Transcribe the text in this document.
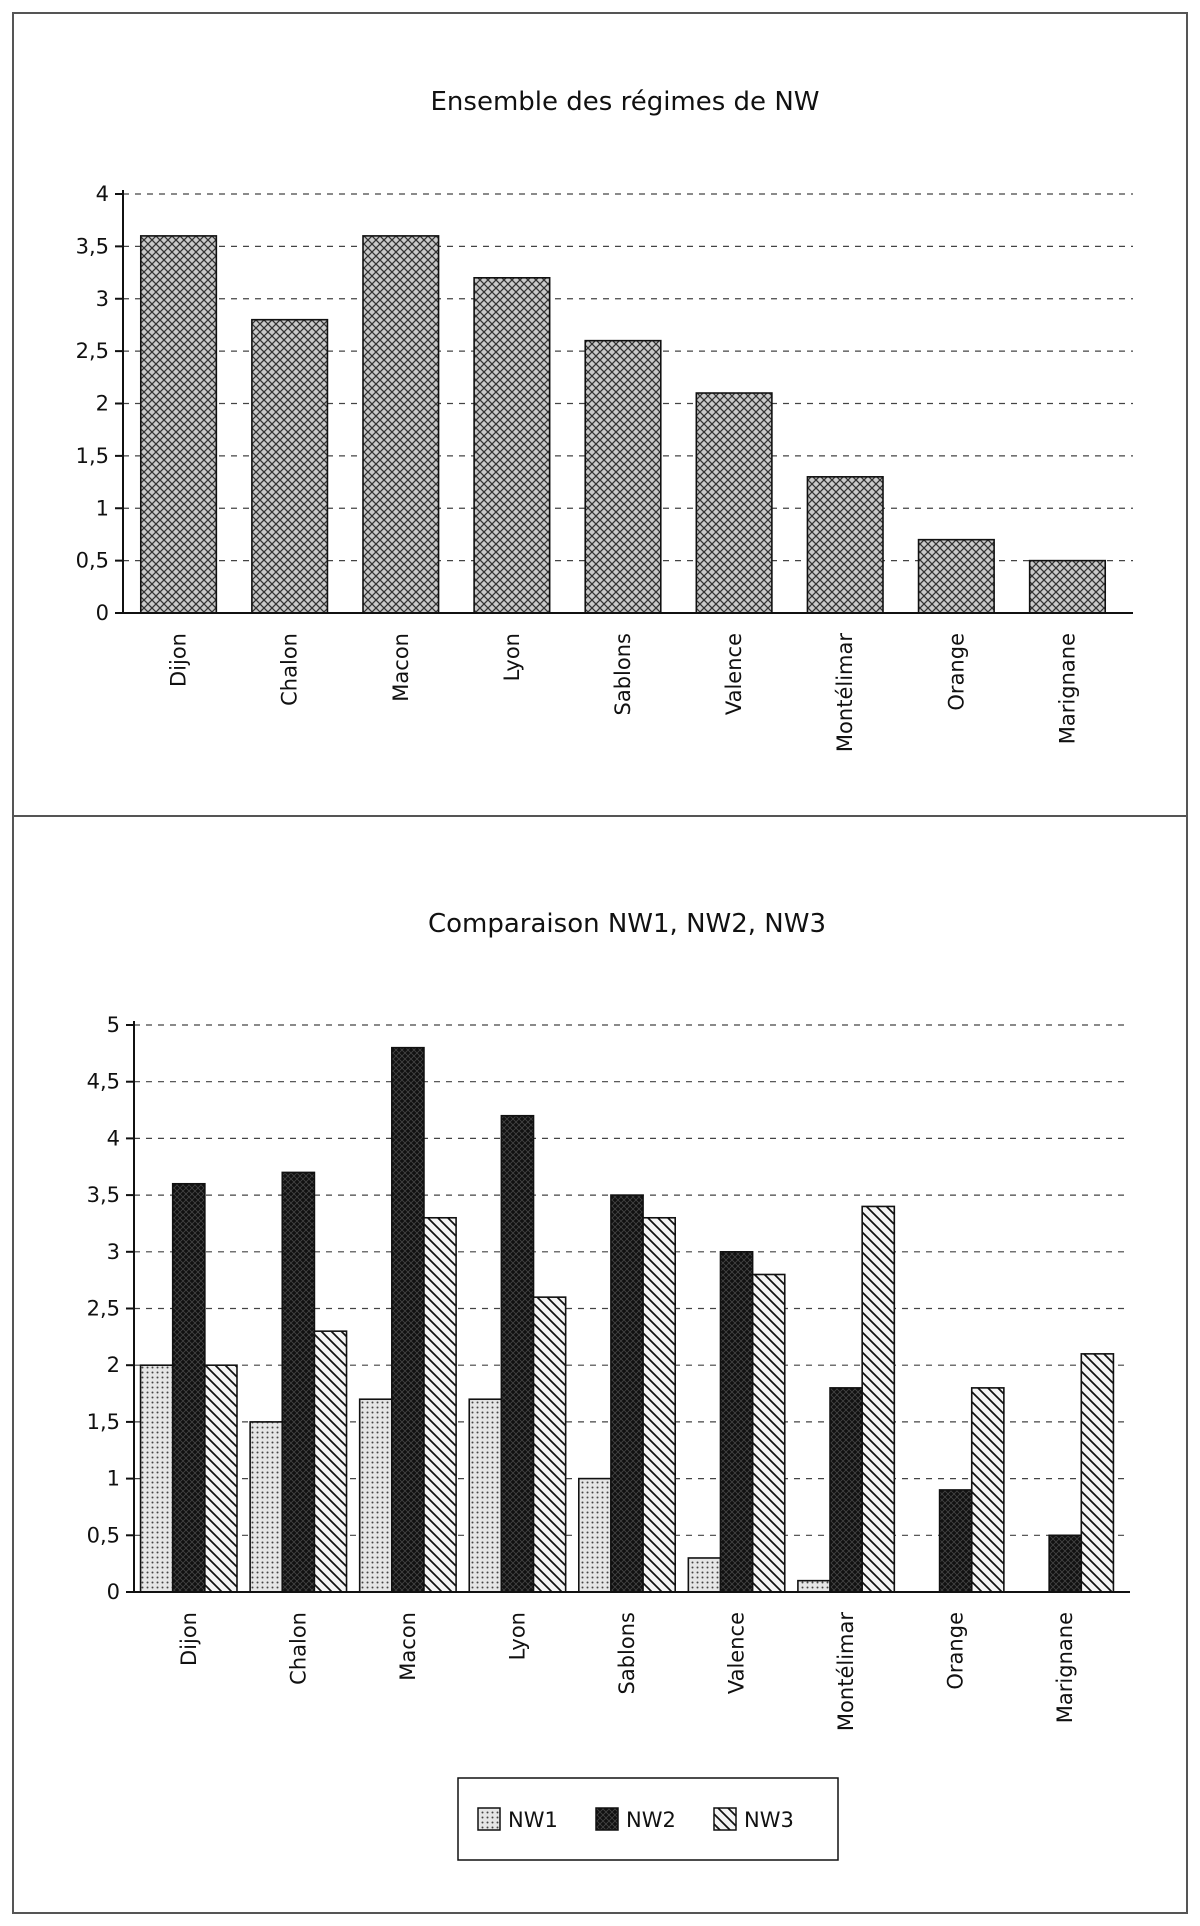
Ensemble des régimes de NW
0
0,5
1
1,5
2
2,5
3
3,5
4
Dijon	Chalon	Macon	Lyon	Sablons	Valence	Montélimar	Orange	Marignane
Comparaison NW1, NW2, NW3
0
0,5
1
1,5
2
2,5
3
3,5
4
4,5
5
Dijon	Chalon	Macon	Lyon	Sablons	Valence	Montélimar	Orange	Marignane
NW1	NW2	NW3
